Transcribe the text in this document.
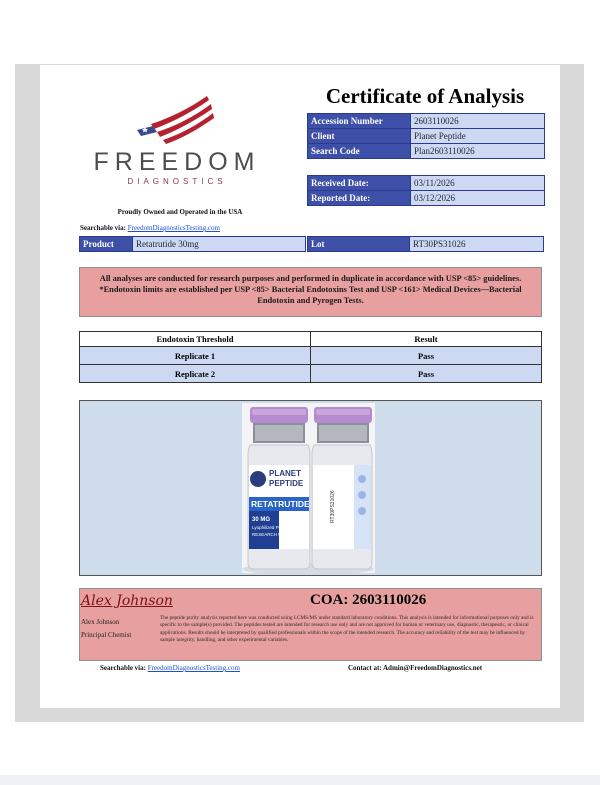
FREEDOM
DIAGNOSTICS
Proudly Owned and Operated in the USA
Searchable via: FreedomDiagnosticsTesting.com
Certificate of Analysis
Accession Number	2603110026
Client	Planet Peptide
Search Code	Plan2603110026
Received Date:	03/11/2026
Reported Date:	03/12/2026
Product	Retatrutide 30mg	Lot	RT30PS31026
All analyses are conducted for research purposes and performed in duplicate in accordance with USP <85> guidelines. *Endotoxin limits are established per USP <85> Bacterial Endotoxins Test and USP <161> Medical Devices—Bacterial Endotoxin and Pyrogen Tests.
Endotoxin Threshold	Result
Replicate 1	Pass
Replicate 2	Pass
PLANET
PEPTIDE
RETATRUTIDE
30 MG
Lyophilized Powder
RESEARCH USE ONLY
RT30PS31026
Alex Johnson	COA: 2603110026
Alex Johnson
Principal Chemist
The peptide purity analysis reported here was conducted using LCMS/MS under standard laboratory conditions. This analysis is intended for informational purposes only and is specific to the sample(s) provided. The peptides tested are intended for research use only and are not approved for human or veterinary use, diagnostic, therapeutic, or clinical applications. Results should be interpreted by qualified professionals within the scope of the intended research. The accuracy and reliability of the test may be influenced by sample integrity, handling, and other experimental variables.
Searchable via: FreedomDiagnosticsTesting.com	Contact at: Admin@FreedomDiagnostics.net
